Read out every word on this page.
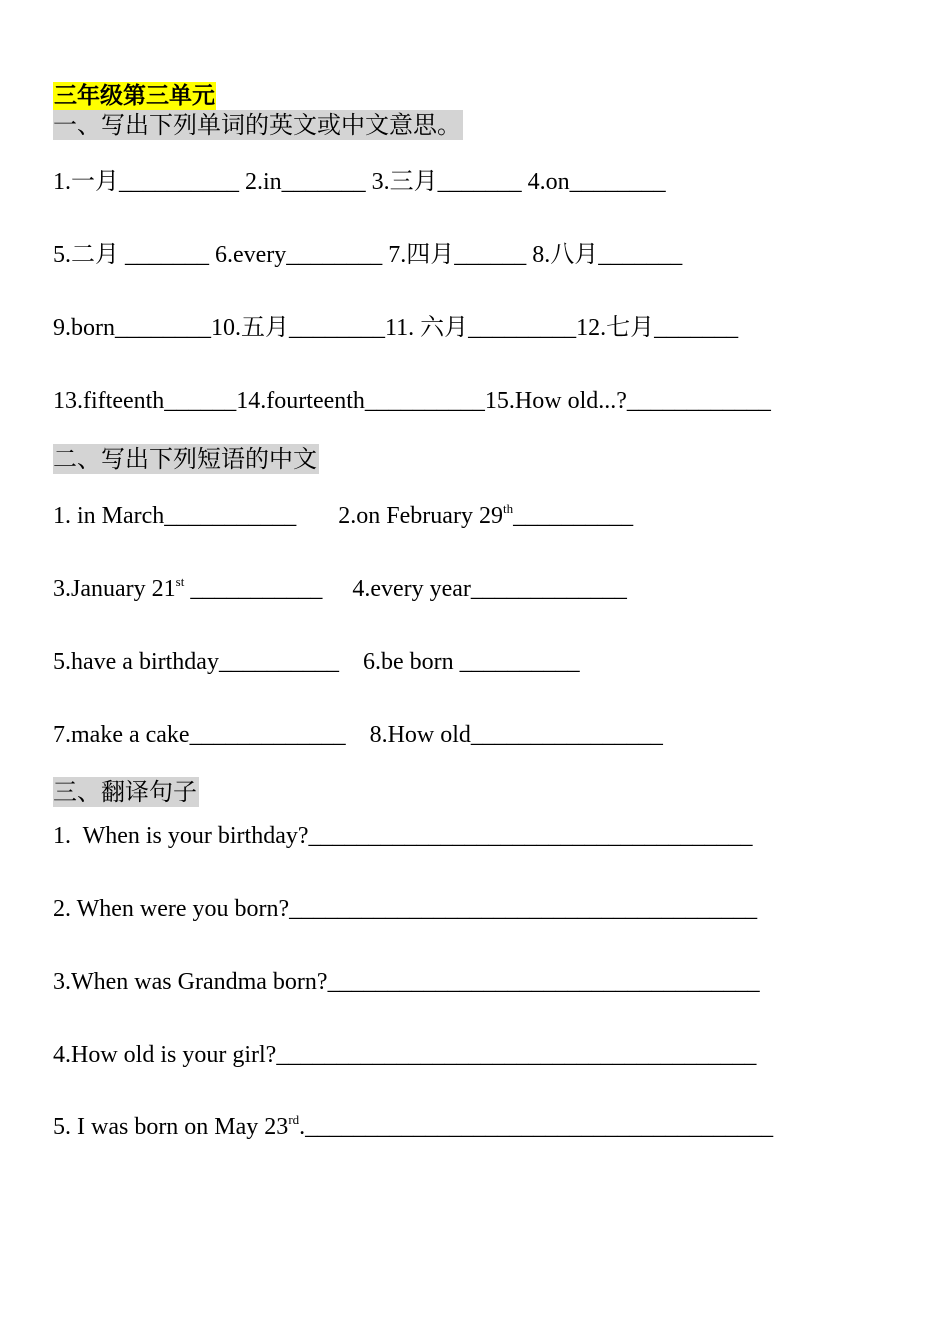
三年级第三单元
一、写出下列单词的英文或中文意思。
1.一月__________ 2.in_______ 3.三月_______ 4.on________
5.二月 _______ 6.every________ 7.四月______ 8.八月_______
9.born________10.五月________11. 六月_________12.七月_______
13.fifteenth______14.fourteenth__________15.How old...?____________
二、写出下列短语的中文
1. in March___________       2.on February 29th__________
3.January 21st ___________     4.every year_____________
5.have a birthday__________    6.be born __________
7.make a cake_____________    8.How old________________
三、翻译句子
1.  When is your birthday?_____________________________________
2. When were you born?_______________________________________
3.When was Grandma born?____________________________________
4.How old is your girl?________________________________________
5. I was born on May 23rd._______________________________________
